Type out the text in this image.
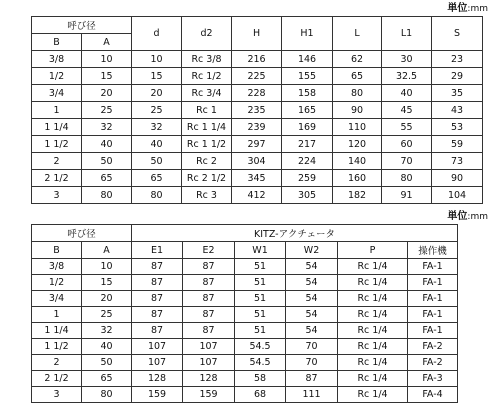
単位:mm
呼び径		d	d2	H	H1	L	L1	S
B	A							
3/8	10	10	Rc 3/8	216	146	62	30	23
1/2	15	15	Rc 1/2	225	155	65	32.5	29
3/4	20	20	Rc 3/4	228	158	80	40	35
1	25	25	Rc 1	235	165	90	45	43
1 1/4	32	32	Rc 1 1/4	239	169	110	55	53
1 1/2	40	40	Rc 1 1/2	297	217	120	60	59
2	50	50	Rc 2	304	224	140	70	73
2 1/2	65	65	Rc 2 1/2	345	259	160	80	90
3	80	80	Rc 3	412	305	182	91	104
単位:mm
呼び径		KITZ-アクチェータ					
B	A	E1	E2	W1	W2	P	操作機
3/8	10	87	87	51	54	Rc 1/4	FA-1
1/2	15	87	87	51	54	Rc 1/4	FA-1
3/4	20	87	87	51	54	Rc 1/4	FA-1
1	25	87	87	51	54	Rc 1/4	FA-1
1 1/4	32	87	87	51	54	Rc 1/4	FA-1
1 1/2	40	107	107	54.5	70	Rc 1/4	FA-2
2	50	107	107	54.5	70	Rc 1/4	FA-2
2 1/2	65	128	128	58	87	Rc 1/4	FA-3
3	80	159	159	68	111	Rc 1/4	FA-4
